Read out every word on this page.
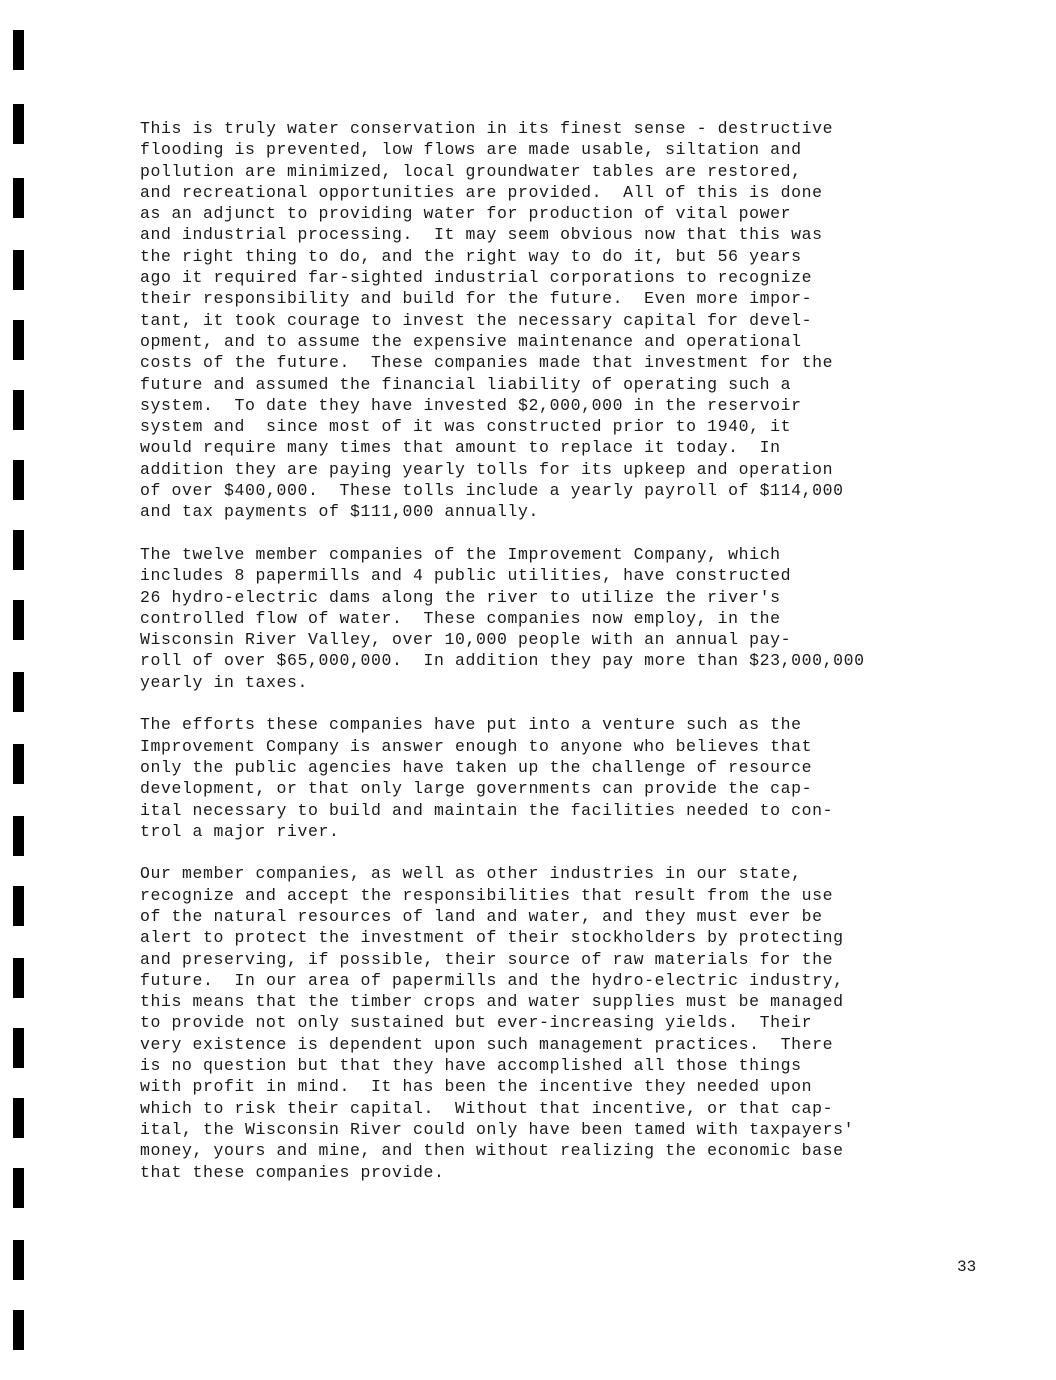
This is truly water conservation in its finest sense - destructive
flooding is prevented, low flows are made usable, siltation and
pollution are minimized, local groundwater tables are restored,
and recreational opportunities are provided.  All of this is done
as an adjunct to providing water for production of vital power
and industrial processing.  It may seem obvious now that this was
the right thing to do, and the right way to do it, but 56 years
ago it required far-sighted industrial corporations to recognize
their responsibility and build for the future.  Even more impor-
tant, it took courage to invest the necessary capital for devel-
opment, and to assume the expensive maintenance and operational
costs of the future.  These companies made that investment for the
future and assumed the financial liability of operating such a
system.  To date they have invested $2,000,000 in the reservoir
system and  since most of it was constructed prior to 1940, it
would require many times that amount to replace it today.  In
addition they are paying yearly tolls for its upkeep and operation
of over $400,000.  These tolls include a yearly payroll of $114,000
and tax payments of $111,000 annually.

The twelve member companies of the Improvement Company, which
includes 8 papermills and 4 public utilities, have constructed
26 hydro-electric dams along the river to utilize the river's
controlled flow of water.  These companies now employ, in the
Wisconsin River Valley, over 10,000 people with an annual pay-
roll of over $65,000,000.  In addition they pay more than $23,000,000
yearly in taxes.

The efforts these companies have put into a venture such as the
Improvement Company is answer enough to anyone who believes that
only the public agencies have taken up the challenge of resource
development, or that only large governments can provide the cap-
ital necessary to build and maintain the facilities needed to con-
trol a major river.

Our member companies, as well as other industries in our state,
recognize and accept the responsibilities that result from the use
of the natural resources of land and water, and they must ever be
alert to protect the investment of their stockholders by protecting
and preserving, if possible, their source of raw materials for the
future.  In our area of papermills and the hydro-electric industry,
this means that the timber crops and water supplies must be managed
to provide not only sustained but ever-increasing yields.  Their
very existence is dependent upon such management practices.  There
is no question but that they have accomplished all those things
with profit in mind.  It has been the incentive they needed upon
which to risk their capital.  Without that incentive, or that cap-
ital, the Wisconsin River could only have been tamed with taxpayers'
money, yours and mine, and then without realizing the economic base
that these companies provide.

33
